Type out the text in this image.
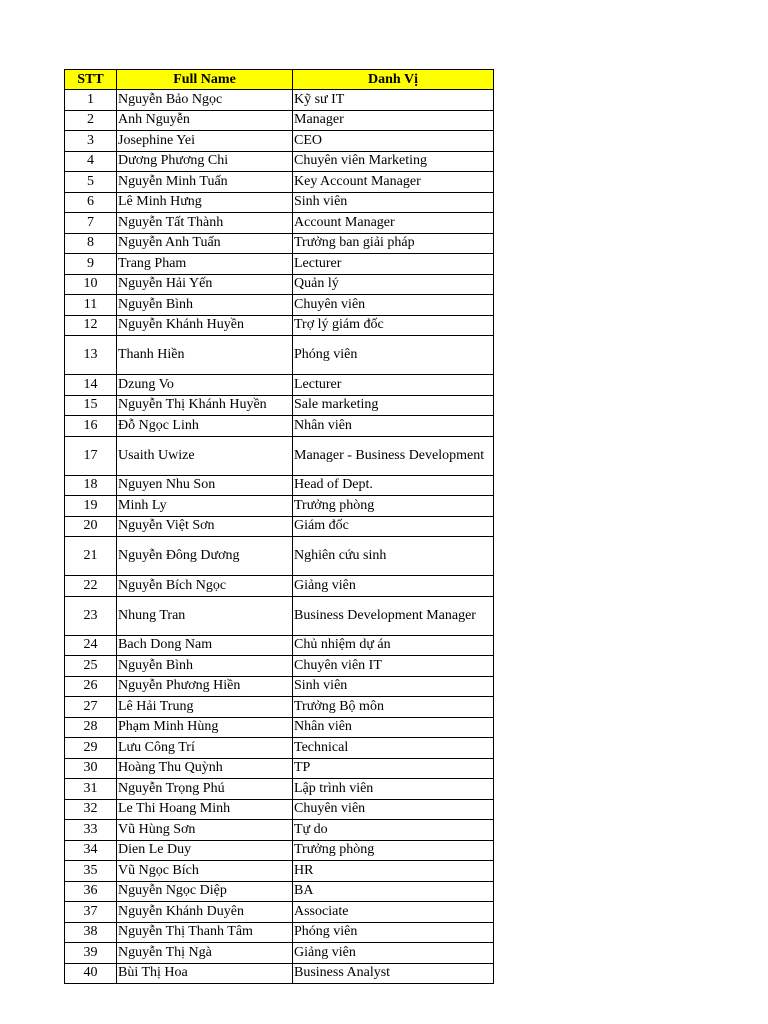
STT	Full Name	Danh Vị
1	Nguyễn Bảo Ngọc	Kỹ sư IT
2	Anh Nguyễn	Manager
3	Josephine Yei	CEO
4	Dương Phương Chi	Chuyên viên Marketing
5	Nguyễn Minh Tuấn	Key Account Manager
6	Lê Minh Hưng	Sinh viên
7	Nguyễn Tất Thành	Account Manager
8	Nguyễn Anh Tuấn	Trưởng ban giải pháp
9	Trang Pham	Lecturer
10	Nguyễn Hải Yến	Quản lý
11	Nguyễn Bình	Chuyên viên
12	Nguyễn Khánh Huyền	Trợ lý giám đốc
13	Thanh Hiền	Phóng viên
14	Dzung Vo	Lecturer
15	Nguyễn Thị Khánh Huyền	Sale marketing
16	Đỗ Ngọc Linh	Nhân viên
17	Usaith Uwize	Manager - Business Development
18	Nguyen Nhu Son	Head of Dept.
19	Minh Ly	Trưởng phòng
20	Nguyễn Việt Sơn	Giám đốc
21	Nguyễn Đông Dương	Nghiên cứu sinh
22	Nguyễn Bích Ngọc	Giảng viên
23	Nhung Tran	Business Development Manager
24	Bach Dong Nam	Chủ nhiệm dự án
25	Nguyễn Bình	Chuyên viên IT
26	Nguyễn Phương Hiền	Sinh viên
27	Lê Hải Trung	Trưởng Bộ môn
28	Phạm Minh Hùng	Nhân viên
29	Lưu Công Trí	Technical
30	Hoàng Thu Quỳnh	TP
31	Nguyễn Trọng Phú	Lập trình viên
32	Le Thi Hoang Minh	Chuyên viên
33	Vũ Hùng Sơn	Tự do
34	Dien Le Duy	Trưởng phòng
35	Vũ Ngọc Bích	HR
36	Nguyễn Ngọc Diệp	BA
37	Nguyễn Khánh Duyên	Associate
38	Nguyễn Thị Thanh Tâm	Phóng viên
39	Nguyễn Thị Ngà	Giảng viên
40	Bùi Thị Hoa	Business Analyst
